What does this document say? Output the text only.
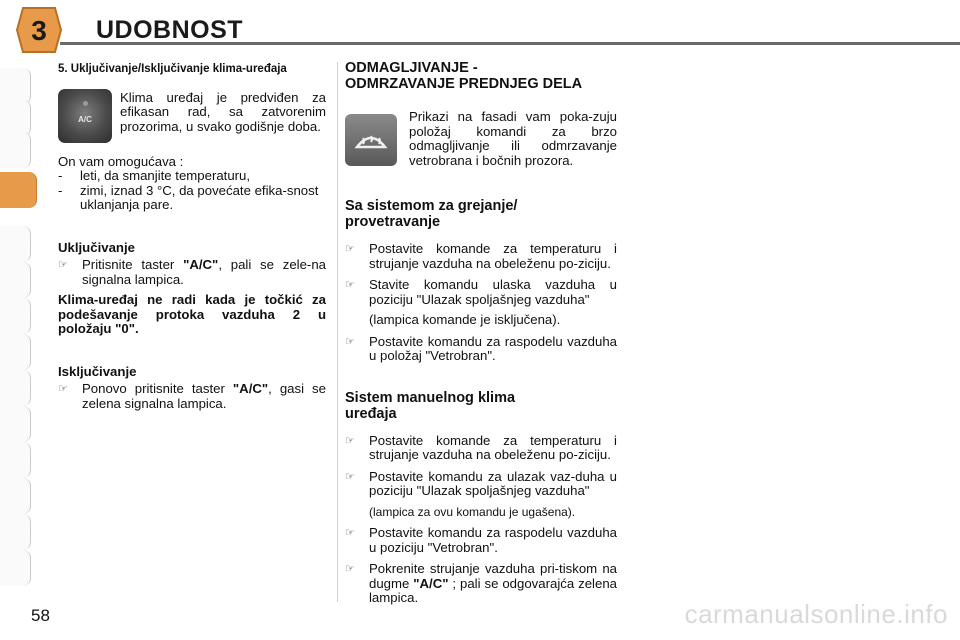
3 UDOBNOST
5. Uključivanje/Isključivanje klima-uređaja
A/C
Klima uređaj je predviđen za efikasan rad, sa zatvorenim prozorima, u svako godišnje doba.
On vam omogućava :
-	leti, da smanjite temperaturu,
-	zimi, iznad 3 °C, da povećate efika-snost uklanjanja pare.
Uključivanje
☞	Pritisnite taster "A/C", pali se zele-na signalna lampica.
Klima-uređaj ne radi kada je točkić za podešavanje protoka vazduha 2 u položaju "0".
Isključivanje
☞	Ponovo pritisnite taster "A/C", gasi se zelena signalna lampica.
ODMAGLJIVANJE -
ODMRZAVANJE PREDNJEG DELA
Prikazi na fasadi vam poka-zuju položaj komandi za brzo odmagljivanje ili odmrzavanje vetrobrana i bočnih prozora.
Sa sistemom za grejanje/
provetravanje
☞	Postavite komande za temperaturu i strujanje vazduha na obeleženu po-ziciju.
☞	Stavite komandu ulaska vazduha u poziciju "Ulazak spoljašnjeg vazduha"
(lampica komande je isključena).
☞	Postavite komandu za raspodelu vazduha u položaj "Vetrobran".
Sistem manuelnog klima
uređaja
☞	Postavite komande za temperaturu i strujanje vazduha na obeleženu po-ziciju.
☞	Postavite komandu za ulazak vaz-duha u poziciju "Ulazak spoljašnjeg vazduha"
(lampica za ovu komandu je ugašena).
☞	Postavite komandu za raspodelu vazduha u poziciju "Vetrobran".
☞	Pokrenite strujanje vazduha pri-tiskom na dugme "A/C" ; pali se odgovarajća zelena lampica.
58	carmanualsonline.info
